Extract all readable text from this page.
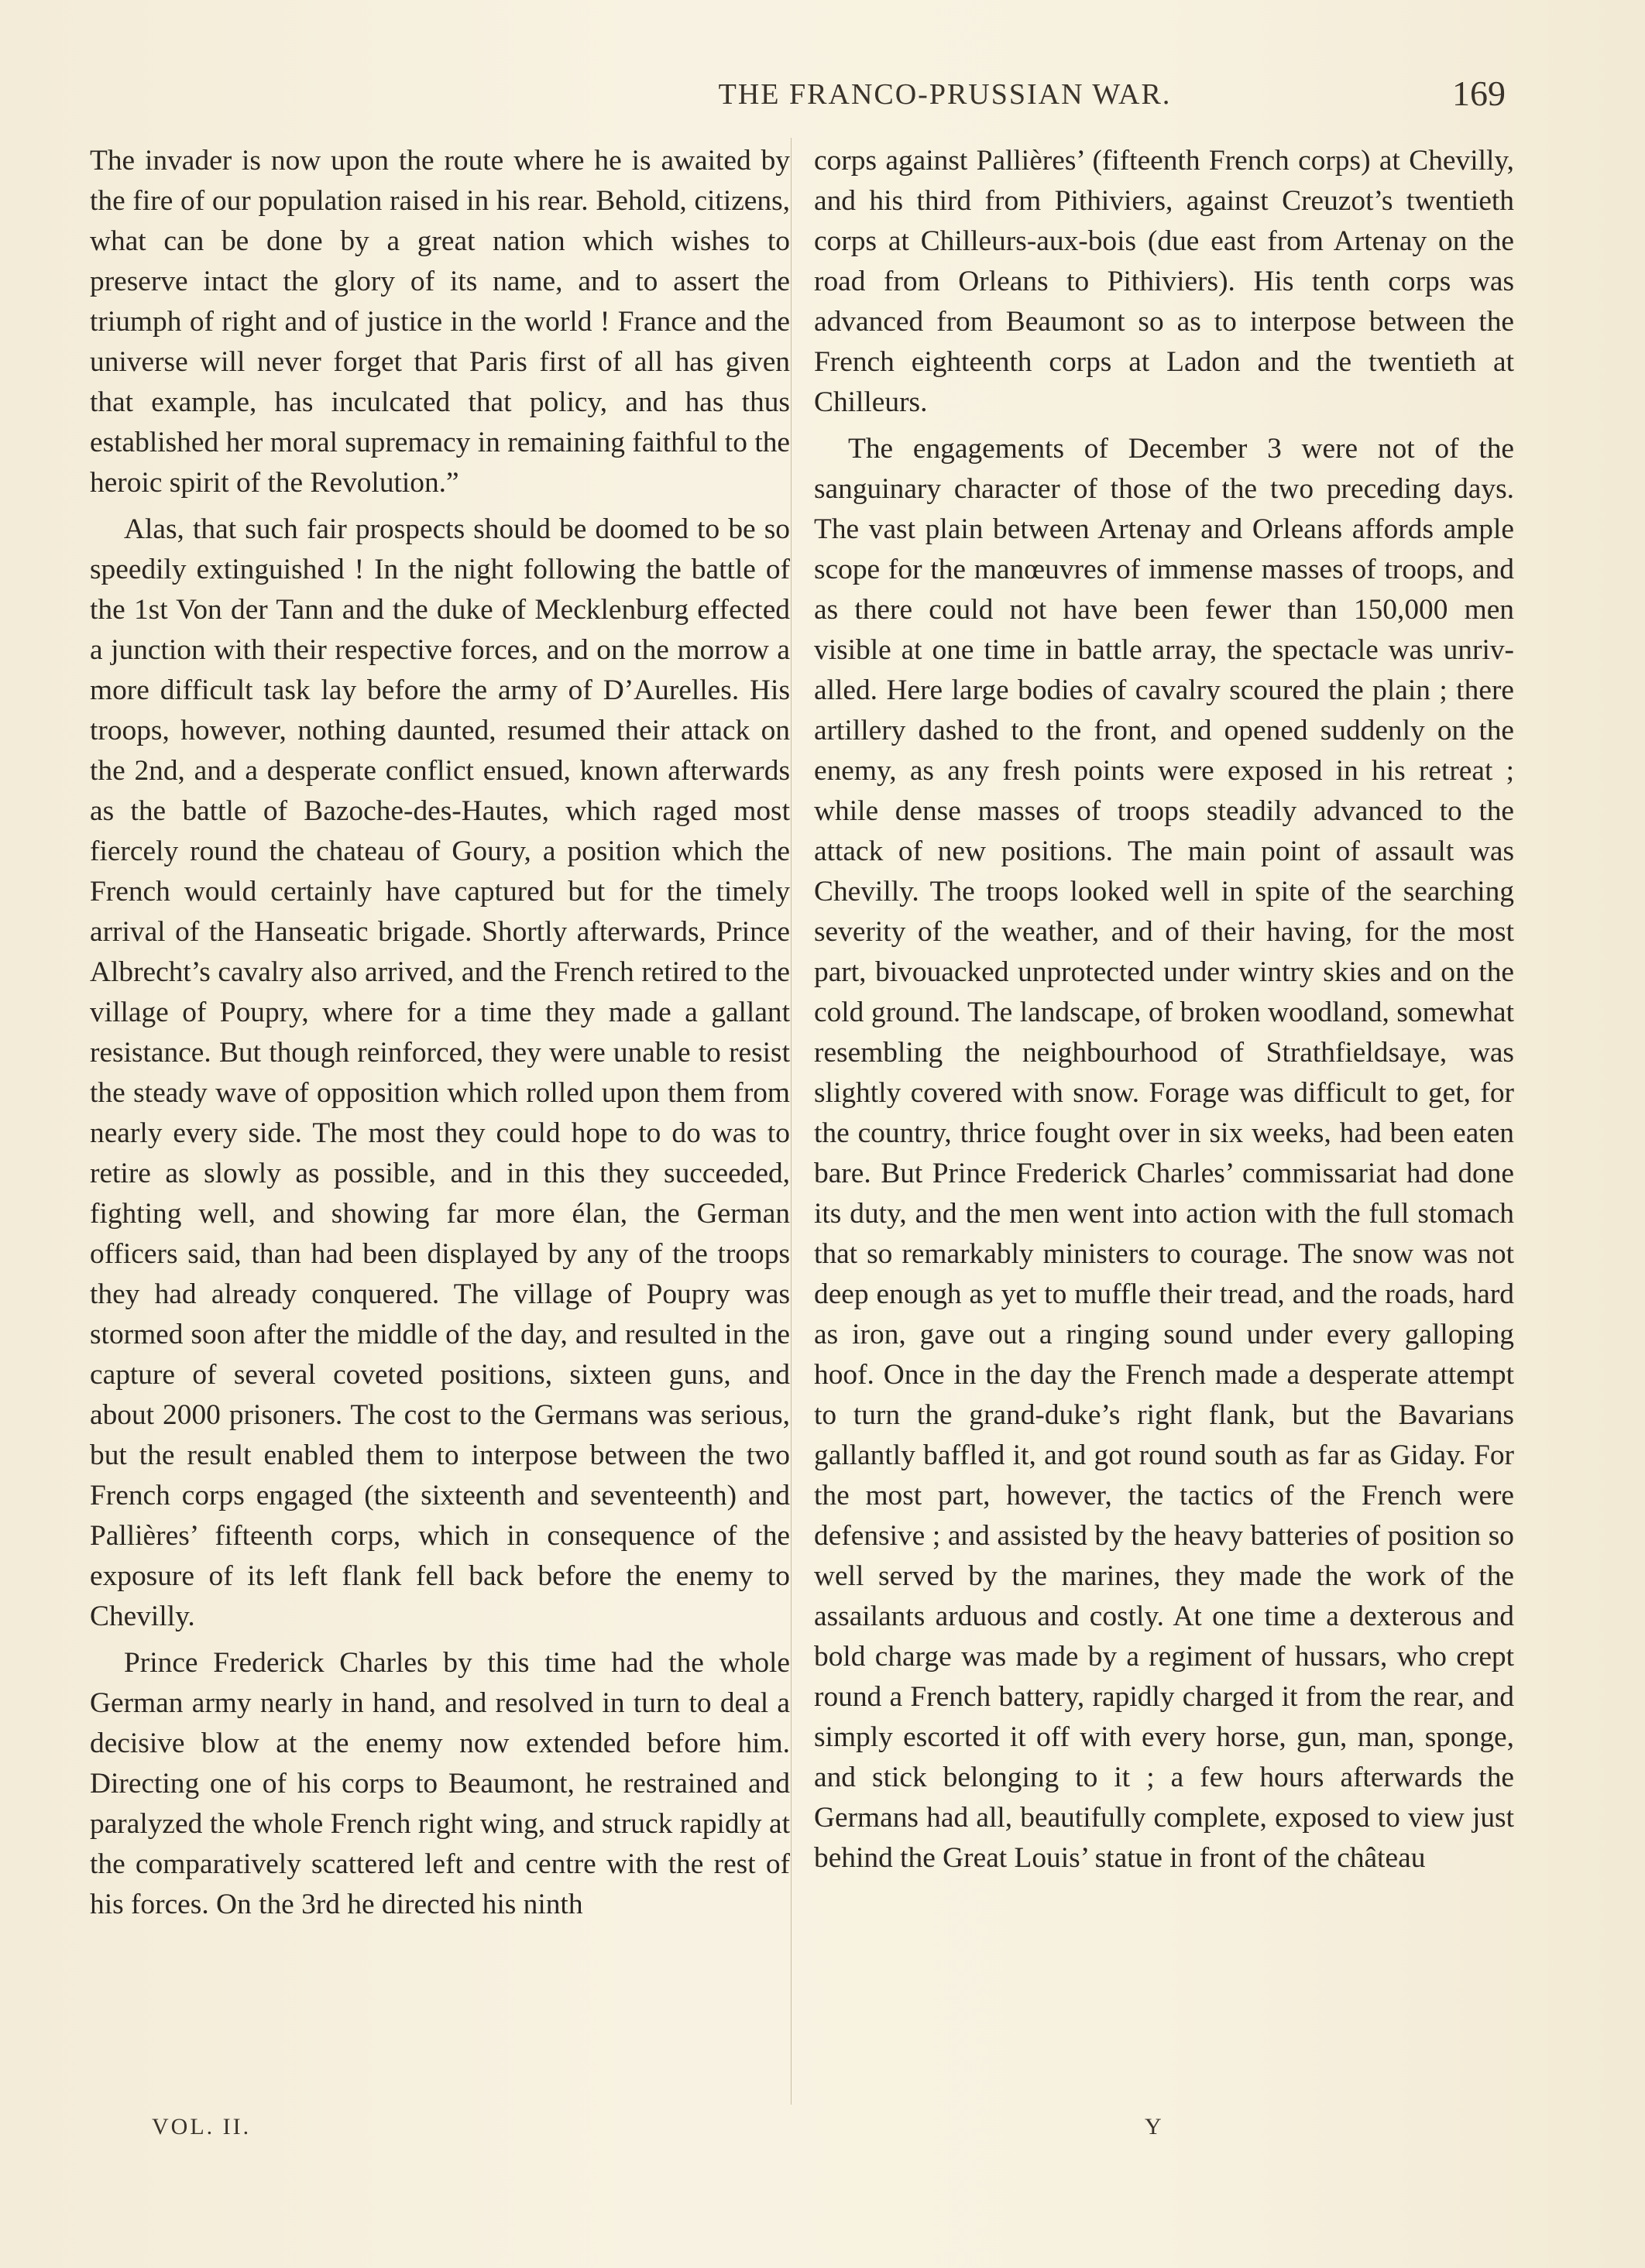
THE FRANCO-PRUSSIAN WAR.	169

The invader is now upon the route where he is awaited by the fire of our population raised in his rear. Behold, citizens, what can be done by a great nation which wishes to preserve intact the glory of its name, and to assert the triumph of right and of justice in the world ! France and the universe will never forget that Paris first of all has given that example, has inculcated that policy, and has thus established her moral supremacy in remaining faithful to the heroic spirit of the Revolution.”

Alas, that such fair prospects should be doomed to be so speedily extinguished ! In the night following the battle of the 1st Von der Tann and the duke of Mecklenburg effected a junction with their respective forces, and on the morrow a more difficult task lay before the army of D’Aurelles. His troops, however, nothing daunted, resumed their attack on the 2nd, and a desperate conflict ensued, known afterwards as the battle of Bazoche-des-Hautes, which raged most fiercely round the chateau of Goury, a position which the French would certainly have captured but for the timely arrival of the Hanseatic brigade. Shortly afterwards, Prince Albrecht’s cavalry also arrived, and the French retired to the village of Poupry, where for a time they made a gallant resistance. But though reinforced, they were unable to resist the steady wave of opposition which rolled upon them from nearly every side. The most they could hope to do was to retire as slowly as possible, and in this they succeeded, fighting well, and showing far more élan, the German officers said, than had been displayed by any of the troops they had already conquered. The village of Poupry was stormed soon after the middle of the day, and resulted in the capture of several coveted positions, sixteen guns, and about 2000 prisoners. The cost to the Germans was serious, but the result enabled them to interpose between the two French corps engaged (the sixteenth and seventeenth) and Pallières’ fifteenth corps, which in consequence of the exposure of its left flank fell back before the enemy to Chevilly.

Prince Frederick Charles by this time had the whole German army nearly in hand, and resolved in turn to deal a decisive blow at the enemy now extended before him. Directing one of his corps to Beaumont, he restrained and paralyzed the whole French right wing, and struck rapidly at the comparatively scattered left and centre with the rest of his forces. On the 3rd he directed his ninth

corps against Pallières’ (fifteenth French corps) at Chevilly, and his third from Pithiviers, against Creuzot’s twentieth corps at Chilleurs-aux-bois (due east from Artenay on the road from Orleans to Pithiviers). His tenth corps was advanced from Beaumont so as to interpose between the French eighteenth corps at Ladon and the twentieth at Chilleurs.

The engagements of December 3 were not of the sanguinary character of those of the two preceding days. The vast plain between Artenay and Orleans affords ample scope for the manœuvres of immense masses of troops, and as there could not have been fewer than 150,000 men visible at one time in battle array, the spectacle was unrivalled. Here large bodies of cavalry scoured the plain ; there artillery dashed to the front, and opened suddenly on the enemy, as any fresh points were exposed in his retreat ; while dense masses of troops steadily advanced to the attack of new positions. The main point of assault was Chevilly. The troops looked well in spite of the searching severity of the weather, and of their having, for the most part, bivouacked unprotected under wintry skies and on the cold ground. The landscape, of broken woodland, somewhat resembling the neighbourhood of Strathfieldsaye, was slightly covered with snow. Forage was difficult to get, for the country, thrice fought over in six weeks, had been eaten bare. But Prince Frederick Charles’ commissariat had done its duty, and the men went into action with the full stomach that so remarkably ministers to courage. The snow was not deep enough as yet to muffle their tread, and the roads, hard as iron, gave out a ringing sound under every galloping hoof. Once in the day the French made a desperate attempt to turn the grand-duke’s right flank, but the Bavarians gallantly baffled it, and got round south as far as Giday. For the most part, however, the tactics of the French were defensive ; and assisted by the heavy batteries of position so well served by the marines, they made the work of the assailants arduous and costly. At one time a dexterous and bold charge was made by a regiment of hussars, who crept round a French battery, rapidly charged it from the rear, and simply escorted it off with every horse, gun, man, sponge, and stick belonging to it ; a few hours afterwards the Germans had all, beautifully complete, exposed to view just behind the Great Louis’ statue in front of the château

VOL. II.	Y
